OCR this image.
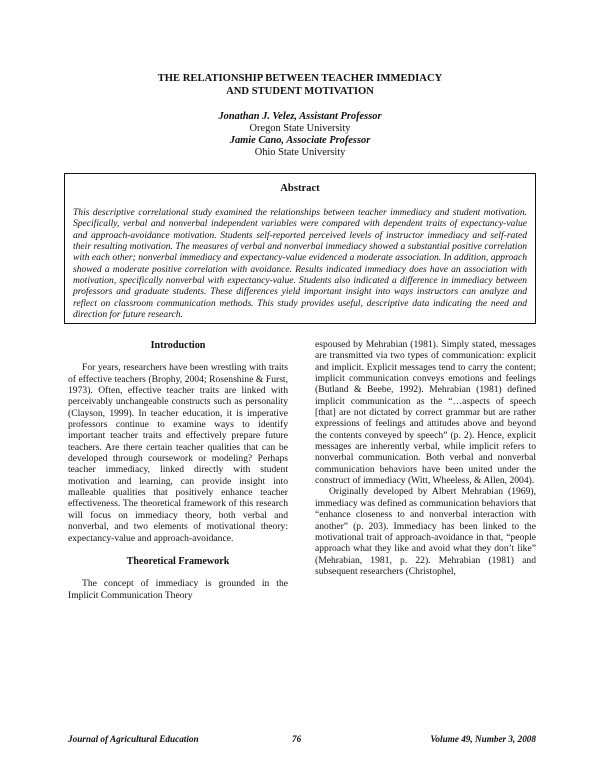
THE RELATIONSHIP BETWEEN TEACHER IMMEDIACY
AND STUDENT MOTIVATION
Jonathan J. Velez, Assistant Professor
Oregon State University
Jamie Cano, Associate Professor
Ohio State University
Abstract
This descriptive correlational study examined the relationships between teacher immediacy and student motivation. Specifically, verbal and nonverbal independent variables were compared with dependent traits of expectancy-value and approach-avoidance motivation. Students self-reported perceived levels of instructor immediacy and self-rated their resulting motivation. The measures of verbal and nonverbal immediacy showed a substantial positive correlation with each other; nonverbal immediacy and expectancy-value evidenced a moderate association. In addition, approach showed a moderate positive correlation with avoidance. Results indicated immediacy does have an association with motivation, specifically nonverbal with expectancy-value. Students also indicated a difference in immediacy between professors and graduate students. These differences yield important insight into ways instructors can analyze and reflect on classroom communication methods. This study provides useful, descriptive data indicating the need and direction for future research.

Introduction

For years, researchers have been wrestling with traits of effective teachers (Brophy, 2004; Rosenshine & Furst, 1973). Often, effective teacher traits are linked with perceivably unchangeable constructs such as personality (Clayson, 1999). In teacher education, it is imperative professors continue to examine ways to identify important teacher traits and effectively prepare future teachers. Are there certain teacher qualities that can be developed through coursework or modeling? Perhaps teacher immediacy, linked directly with student motivation and learning, can provide insight into malleable qualities that positively enhance teacher effectiveness. The theoretical framework of this research will focus on immediacy theory, both verbal and nonverbal, and two elements of motivational theory: expectancy-value and approach-avoidance.

Theoretical Framework

The concept of immediacy is grounded in the Implicit Communication Theory

espoused by Mehrabian (1981). Simply stated, messages are transmitted via two types of communication: explicit and implicit. Explicit messages tend to carry the content; implicit communication conveys emotions and feelings (Butland & Beebe, 1992). Mehrabian (1981) defined implicit communication as the “…aspects of speech [that] are not dictated by correct grammar but are rather expressions of feelings and attitudes above and beyond the contents conveyed by speech” (p. 2). Hence, explicit messages are inherently verbal, while implicit refers to nonverbal communication. Both verbal and nonverbal communication behaviors have been united under the construct of immediacy (Witt, Wheeless, & Allen, 2004).

Originally developed by Albert Mehrabian (1969), immediacy was defined as communication behaviors that “enhance closeness to and nonverbal interaction with another” (p. 203). Immediacy has been linked to the motivational trait of approach-avoidance in that, “people approach what they like and avoid what they don’t like” (Mehrabian, 1981, p. 22). Mehrabian (1981) and subsequent researchers (Christophel,

Journal of Agricultural Education	76	Volume 49, Number 3, 2008
